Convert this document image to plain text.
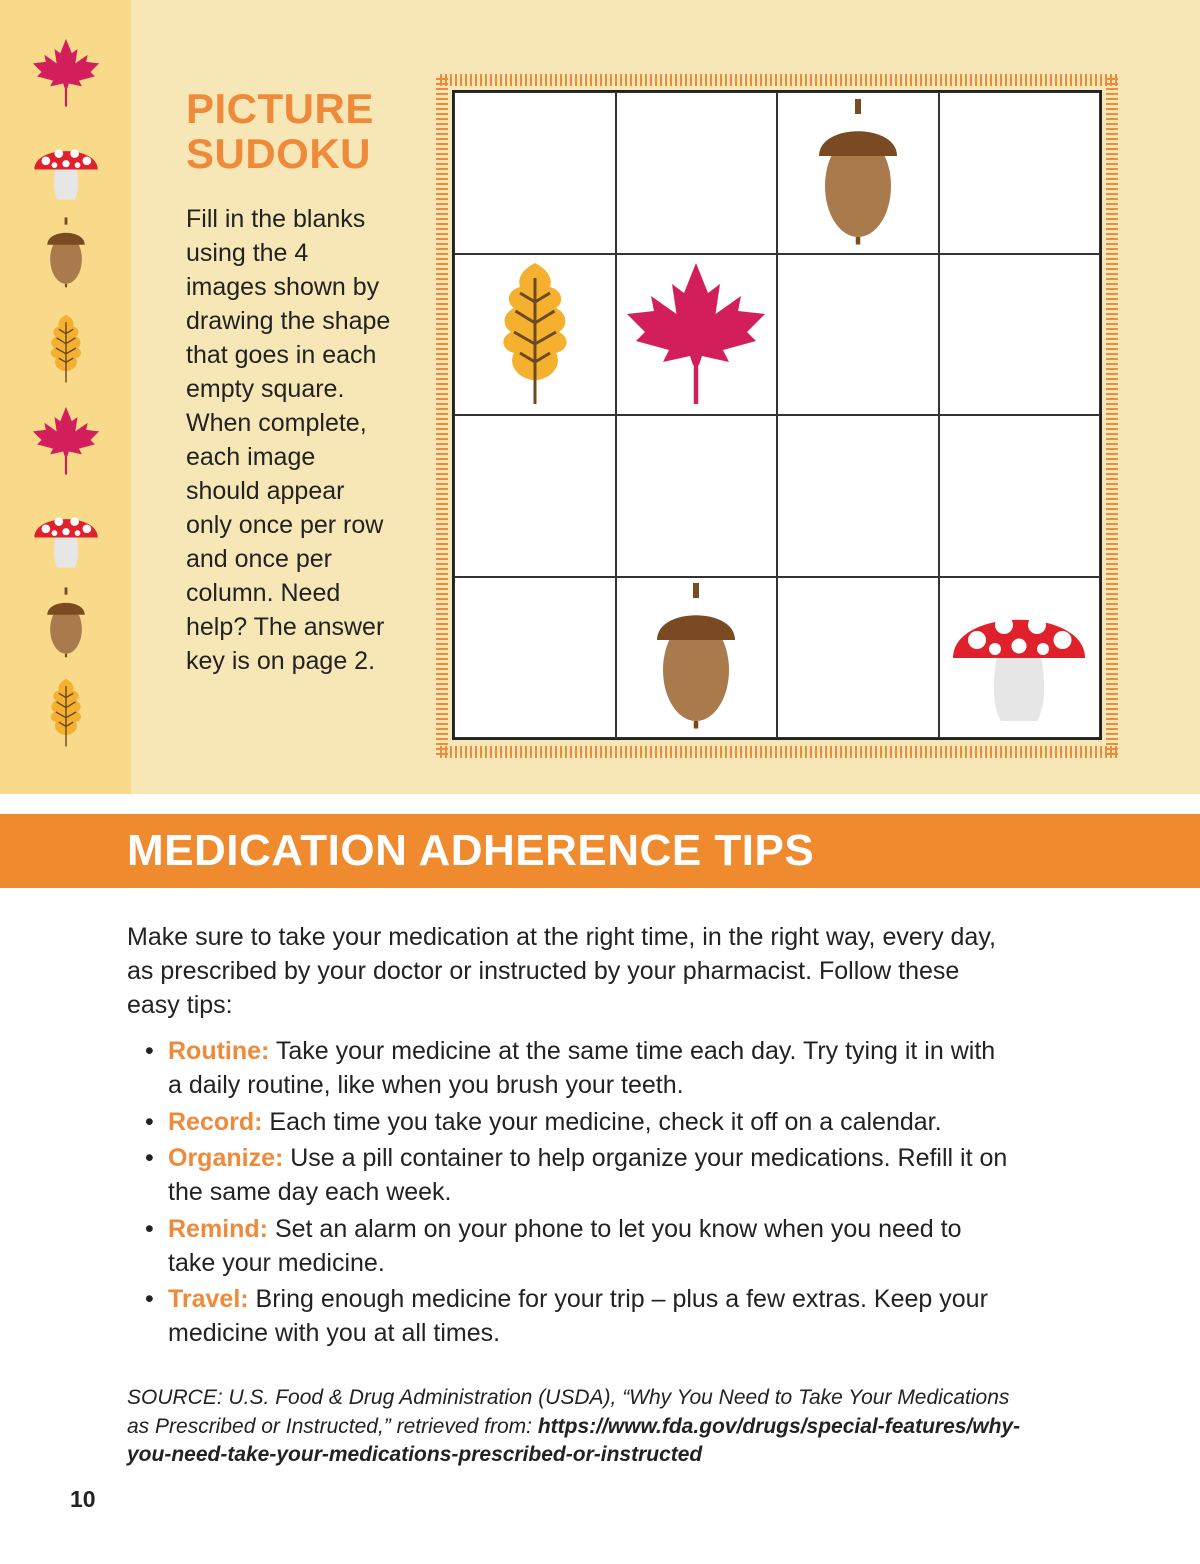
PICTURE
SUDOKU
Fill in the blanks using the 4 images shown by drawing the shape that goes in each empty square. When complete, each image should appear only once per row and once per column. Need help? The answer key is on page 2.
MEDICATION ADHERENCE TIPS

Make sure to take your medication at the right time, in the right way, every day, as prescribed by your doctor or instructed by your pharmacist. Follow these easy tips:

• Routine: Take your medicine at the same time each day. Try tying it in with a daily routine, like when you brush your teeth.
• Record: Each time you take your medicine, check it off on a calendar.
• Organize: Use a pill container to help organize your medications. Refill it on the same day each week.
• Remind: Set an alarm on your phone to let you know when you need to take your medicine.
• Travel: Bring enough medicine for your trip – plus a few extras. Keep your medicine with you at all times.

SOURCE: U.S. Food & Drug Administration (USDA), “Why You Need to Take Your Medications as Prescribed or Instructed,” retrieved from: https://www.fda.gov/drugs/special-features/why-you-need-take-your-medications-prescribed-or-instructed

10
